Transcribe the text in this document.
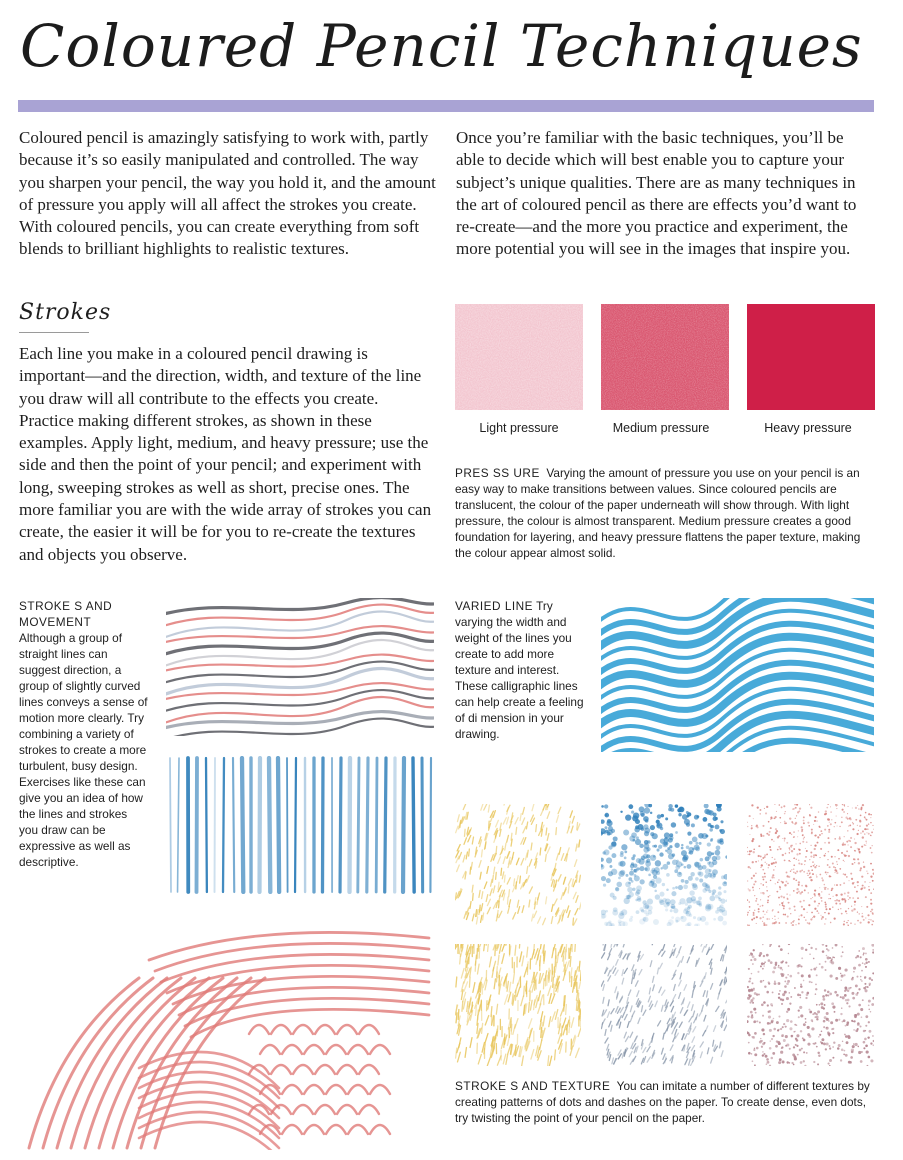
Coloured Pencil Techniques
Coloured pencil is amazingly satisfying to work with, partly because it’s so easily manipulated and controlled. The way you sharpen your pencil, the way you hold it, and the amount of pressure you apply will all affect the strokes you create. With coloured pencils, you can create everything from soft blends to brilliant highlights to realistic textures.
Once you’re familiar with the basic techniques, you’ll be able to decide which will best enable you to capture your subject’s unique qualities. There are as many techniques in the art of coloured pencil as there are effects you’d want to re-create—and the more you practice and experiment, the more potential you will see in the images that inspire you.
Strokes
Each line you make in a coloured pencil drawing is important—and the direction, width, and texture of the line you draw will all contribute to the effects you create. Practice making different strokes, as shown in these examples. Apply light, medium, and heavy pressure; use the side and then the point of your pencil; and experiment with long, sweeping strokes as well as short, precise ones. The more familiar you are with the wide array of strokes you can create, the easier it will be for you to re-create the textures and objects you observe.
Light pressure	Medium pressure	Heavy pressure
PRES SS URE Varying the amount of pressure you use on your pencil is an easy way to make transitions between values. Since coloured pencils are translucent, the colour of the paper underneath will show through. With light pressure, the colour is almost transparent. Medium pressure creates a good foundation for layering, and heavy pressure flattens the paper texture, making the colour appear almost solid.
STROKE S AND MOVEMENT
Although a group of straight lines can suggest direction, a group of slightly curved lines conveys a sense of motion more clearly. Try combining a variety of strokes to create a more turbulent, busy design. Exercises like these can give you an idea of how the lines and strokes you draw can be expressive as well as descriptive.
VARIED LINE Try varying the width and weight of the lines you create to add more texture and interest. These calligraphic lines can help create a feeling of di mension in your drawing.
STROKE S AND TEXTURE You can imitate a number of different textures by creating patterns of dots and dashes on the paper. To create dense, even dots, try twisting the point of your pencil on the paper.
